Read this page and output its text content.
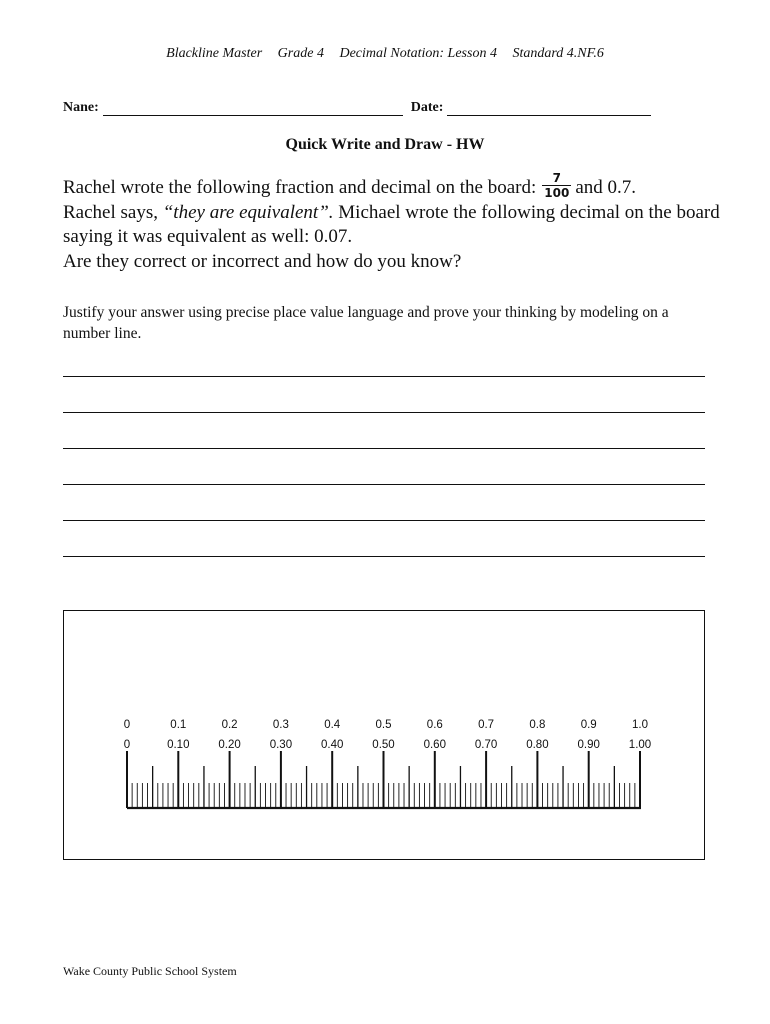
Blackline Master Grade 4 Decimal Notation: Lesson 4 Standard 4.NF.6
Nane:	Date:
Quick Write and Draw - HW
Rachel wrote the following fraction and decimal on the board: $\frac{7}{100}$ and 0.7.
Rachel says, “they are equivalent”. Michael wrote the following decimal on the board saying it was equivalent as well: 0.07.
Are they correct or incorrect and how do you know?
Justify your answer using precise place value language and prove your thinking by modeling on a number line.
0	0.1	0.2	0.3	0.4	0.5	0.6	0.7	0.8	0.9	1.0
0	0.10	0.20	0.30	0.40	0.50	0.60	0.70	0.80	0.90	1.00
Wake County Public School System
